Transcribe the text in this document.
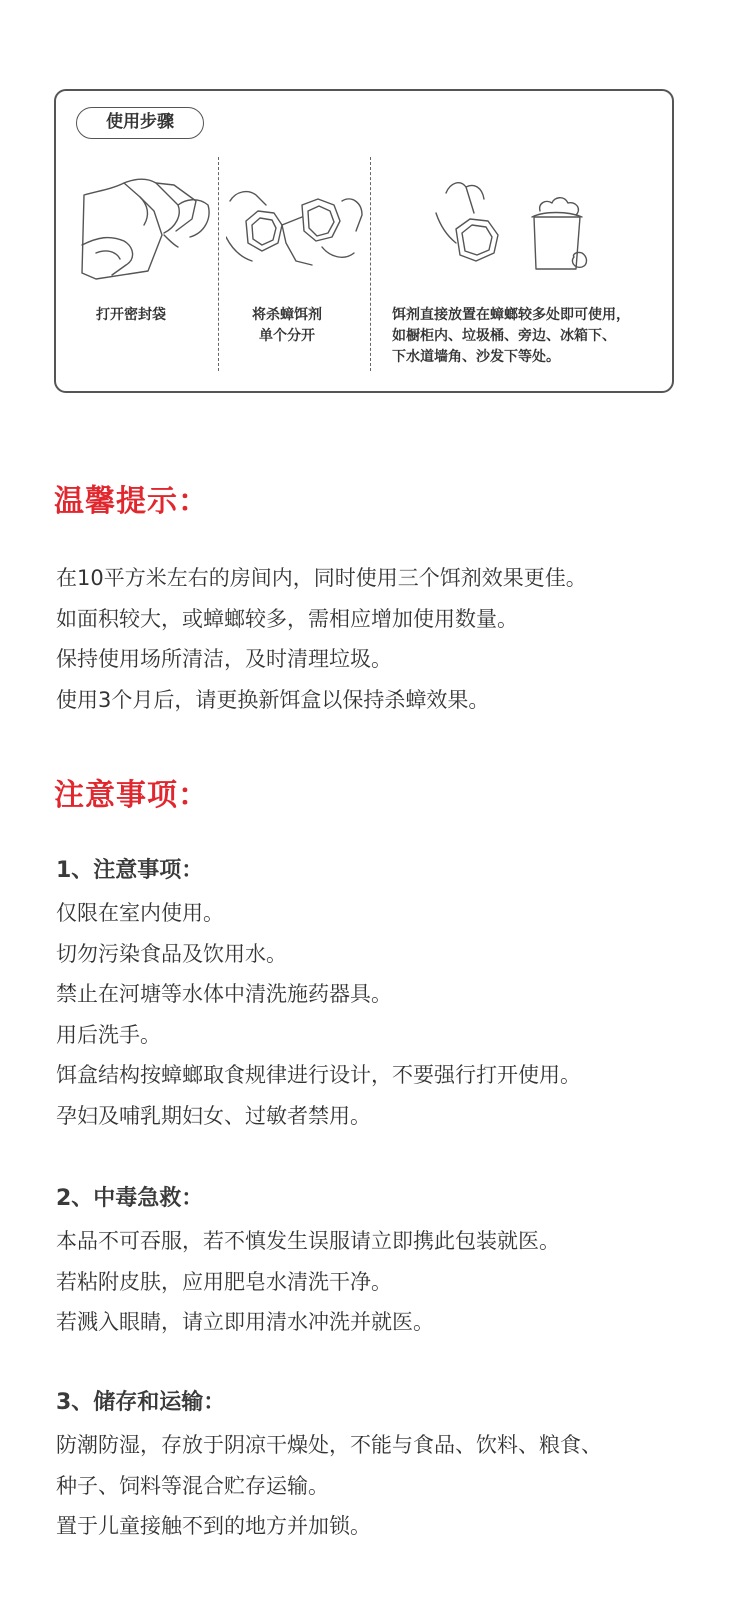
使用步骤
打开密封袋	将杀蟑饵剂
单个分开
饵剂直接放置在蟑螂较多处即可使用，
如橱柜内、垃圾桶、旁边、冰箱下、
下水道墙角、沙发下等处。
温馨提示：
在10平方米左右的房间内，同时使用三个饵剂效果更佳。
如面积较大，或蟑螂较多，需相应增加使用数量。
保持使用场所清洁，及时清理垃圾。
使用3个月后，请更换新饵盒以保持杀蟑效果。
注意事项：
1、注意事项：
仅限在室内使用。
切勿污染食品及饮用水。
禁止在河塘等水体中清洗施药器具。
用后洗手。
饵盒结构按蟑螂取食规律进行设计，不要强行打开使用。
孕妇及哺乳期妇女、过敏者禁用。
2、中毒急救：
本品不可吞服，若不慎发生误服请立即携此包装就医。
若粘附皮肤，应用肥皂水清洗干净。
若溅入眼睛，请立即用清水冲洗并就医。
3、储存和运输：
防潮防湿，存放于阴凉干燥处，不能与食品、饮料、粮食、
种子、饲料等混合贮存运输。
置于儿童接触不到的地方并加锁。
